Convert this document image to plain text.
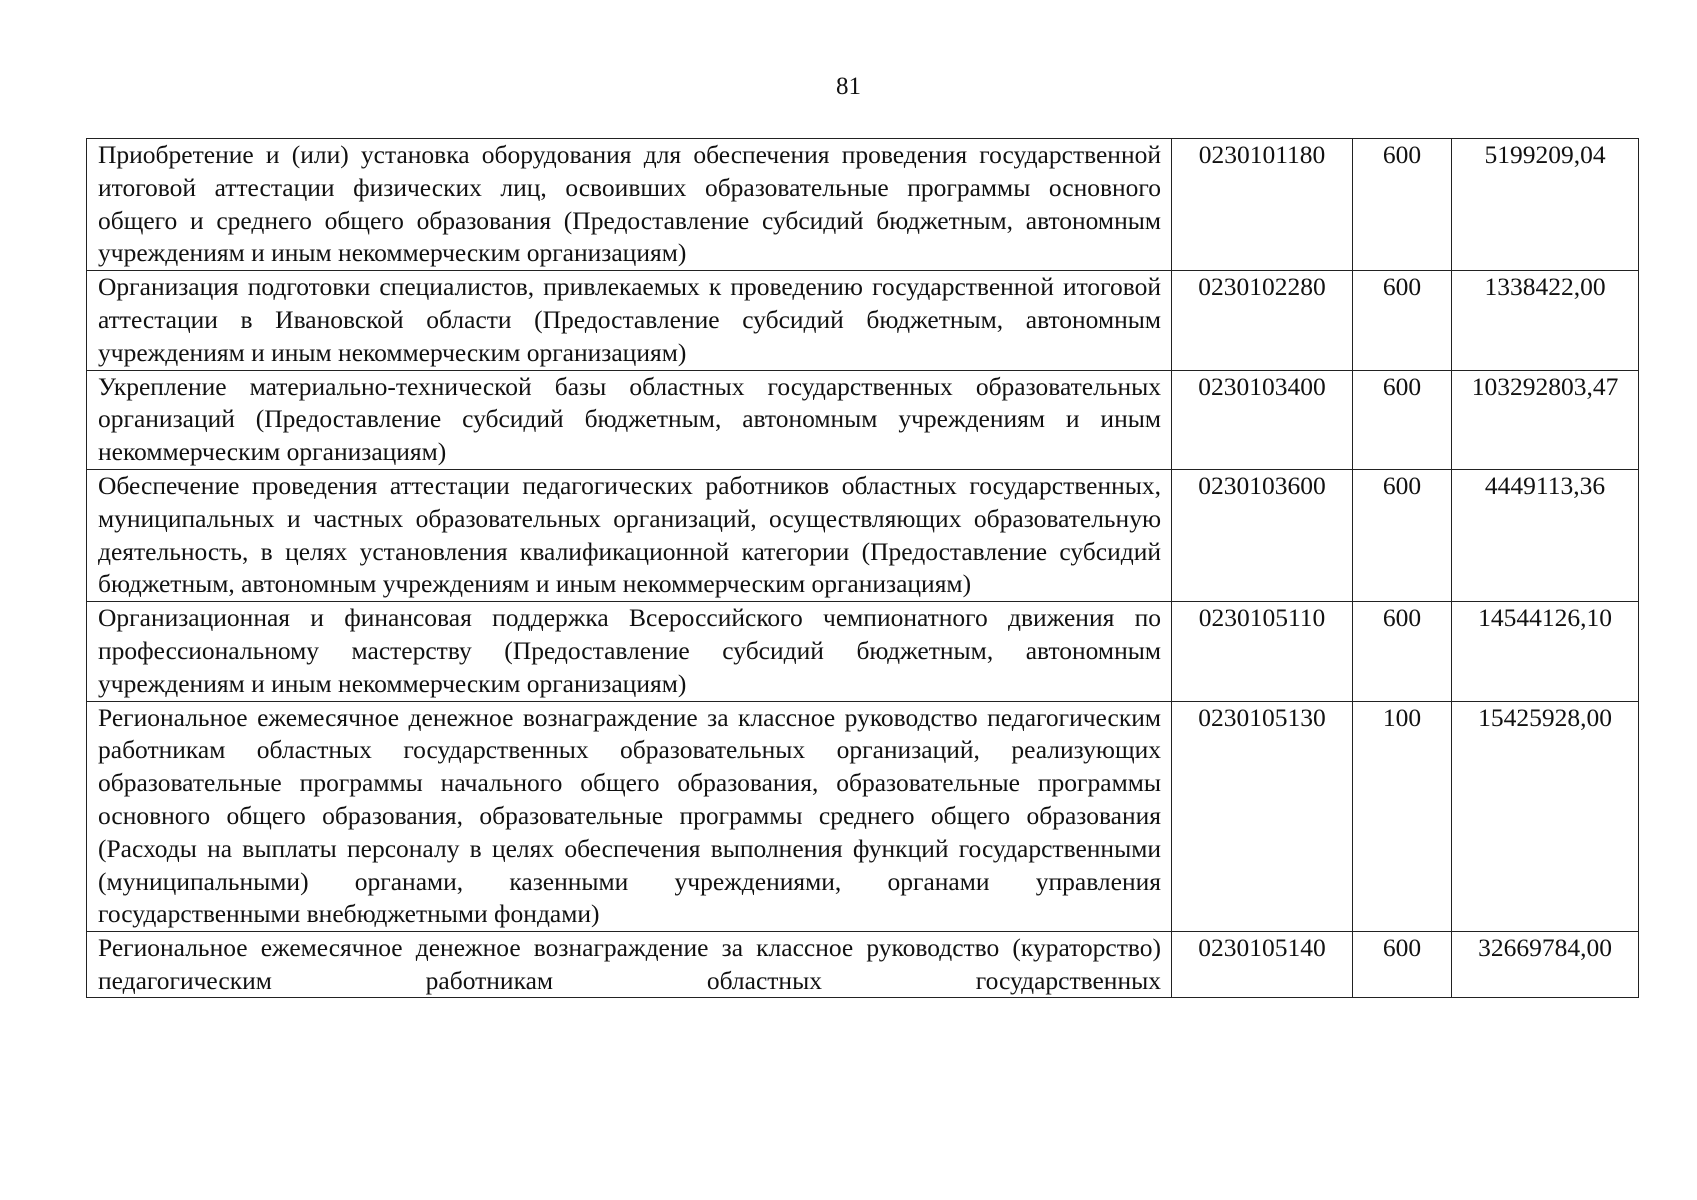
81
Приобретение и (или) установка оборудования для обеспечения проведения государственной итоговой аттестации физических лиц, освоивших образовательные программы основного общего и среднего общего образования (Предоставление субсидий бюджетным, автономным учреждениям и иным некоммерческим организациям)	0230101180	600	5199209,04
Организация подготовки специалистов, привлекаемых к проведению государственной итоговой аттестации в Ивановской области (Предоставление субсидий бюджетным, автономным учреждениям и иным некоммерческим организациям)	0230102280	600	1338422,00
Укрепление материально-технической базы областных государственных образовательных организаций (Предоставление субсидий бюджетным, автономным учреждениям и иным некоммерческим организациям)	0230103400	600	103292803,47
Обеспечение проведения аттестации педагогических работников областных государственных, муниципальных и частных образовательных организаций, осуществляющих образовательную деятельность, в целях установления квалификационной категории (Предоставление субсидий бюджетным, автономным учреждениям и иным некоммерческим организациям)	0230103600	600	4449113,36
Организационная и финансовая поддержка Всероссийского чемпионатного движения по профессиональному мастерству (Предоставление субсидий бюджетным, автономным учреждениям и иным некоммерческим организациям)	0230105110	600	14544126,10
Региональное ежемесячное денежное вознаграждение за классное руководство педагогическим работникам областных государственных образовательных организаций, реализующих образовательные программы начального общего образования, образовательные программы основного общего образования, образовательные программы среднего общего образования (Расходы на выплаты персоналу в целях обеспечения выполнения функций государственными (муниципальными) органами, казенными учреждениями, органами управления государственными внебюджетными фондами)	0230105130	100	15425928,00

Региональное ежемесячное денежное вознаграждение за классное руководство (кураторство) педагогическим работникам областных государственных	0230105140	600	32669784,00
